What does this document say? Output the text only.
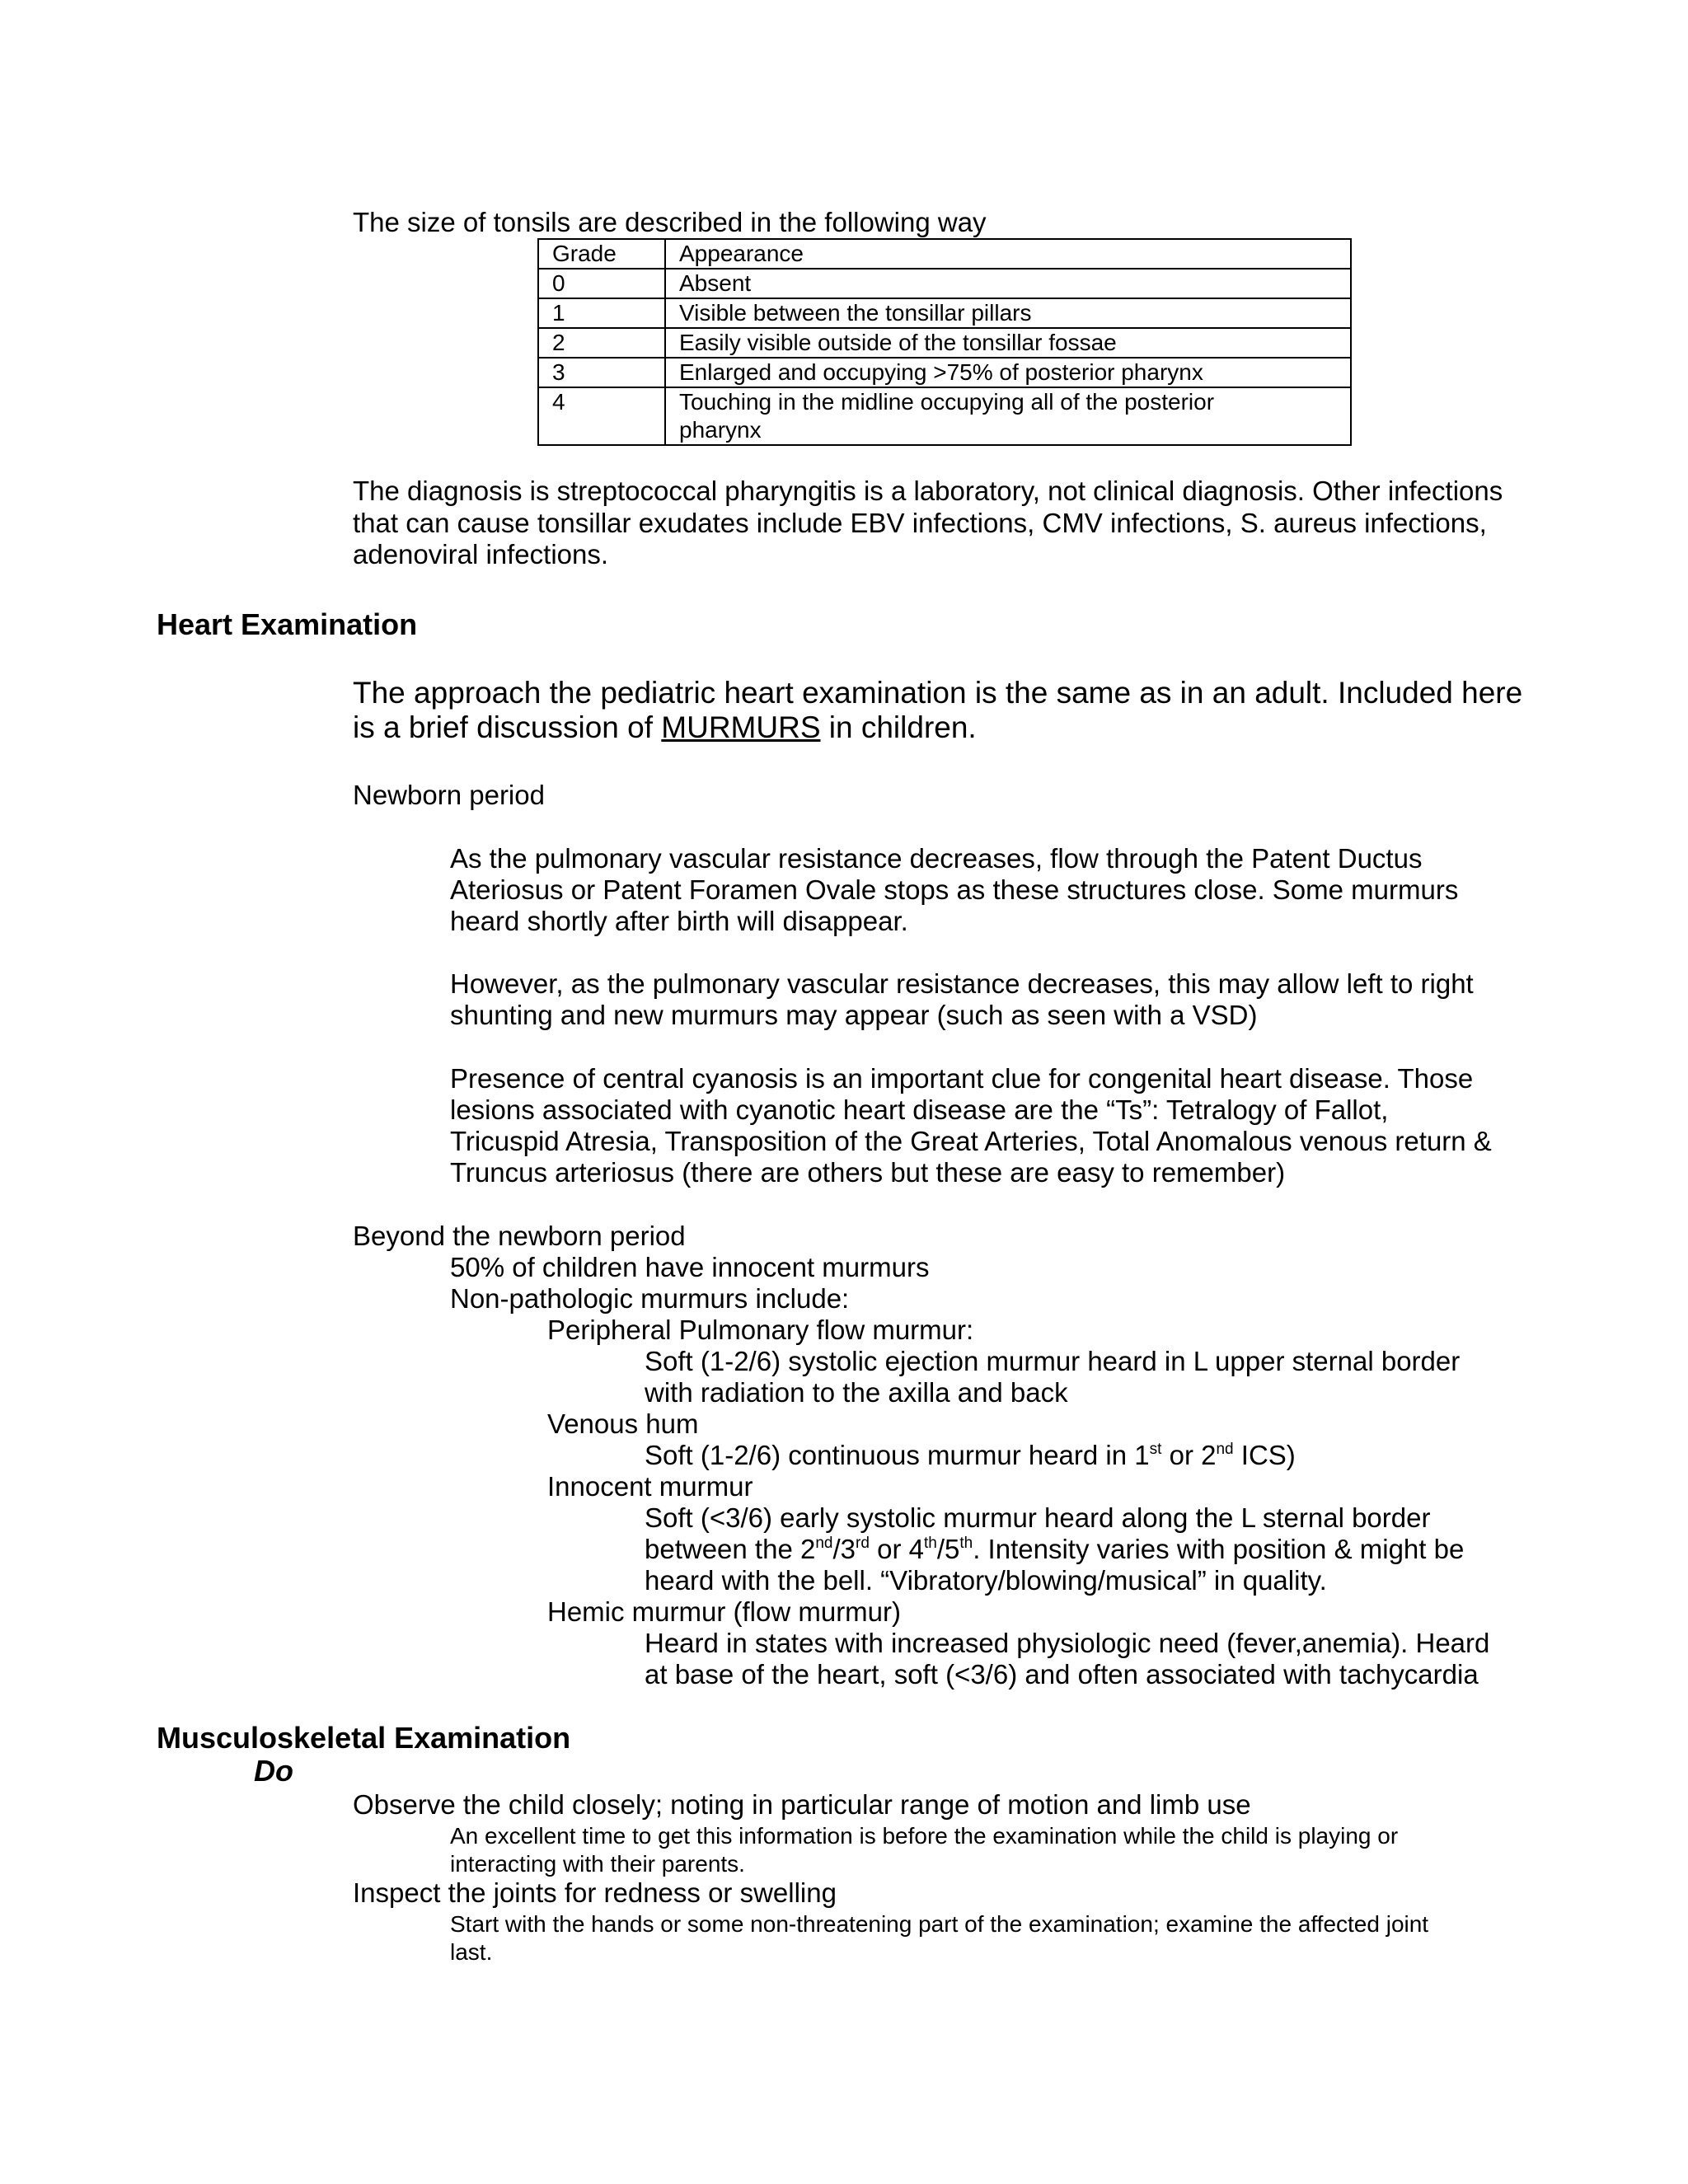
The size of tonsils are described in the following way

Grade	Appearance
0	Absent
1	Visible between the tonsillar pillars
2	Easily visible outside of the tonsillar fossae
3	Enlarged and occupying >75% of posterior pharynx
4	Touching in the midline occupying all of the posterior
pharynx

The diagnosis is streptococcal pharyngitis is a laboratory, not clinical diagnosis. Other infections

that can cause tonsillar exudates include EBV infections, CMV infections, S. aureus infections,

adenoviral infections.

Heart Examination

The approach the pediatric heart examination is the same as in an adult. Included here

is a brief discussion of MURMURS in children.

Newborn period

As the pulmonary vascular resistance decreases, flow through the Patent Ductus

Ateriosus or Patent Foramen Ovale stops as these structures close. Some murmurs

heard shortly after birth will disappear.

However, as the pulmonary vascular resistance decreases, this may allow left to right

shunting and new murmurs may appear (such as seen with a VSD)

Presence of central cyanosis is an important clue for congenital heart disease. Those

lesions associated with cyanotic heart disease are the “Ts”: Tetralogy of Fallot,

Tricuspid Atresia, Transposition of the Great Arteries, Total Anomalous venous return &

Truncus arteriosus (there are others but these are easy to remember)

Beyond the newborn period

50% of children have innocent murmurs

Non-pathologic murmurs include:

Peripheral Pulmonary flow murmur:

Soft (1-2/6) systolic ejection murmur heard in L upper sternal border

with radiation to the axilla and back

Venous hum

Soft (1-2/6) continuous murmur heard in 1st or 2nd ICS)

Innocent murmur

Soft (<3/6) early systolic murmur heard along the L sternal border

between the 2nd/3rd or 4th/5th. Intensity varies with position & might be

heard with the bell. “Vibratory/blowing/musical” in quality.

Hemic murmur (flow murmur)

Heard in states with increased physiologic need (fever,anemia). Heard

at base of the heart, soft (<3/6) and often associated with tachycardia

Musculoskeletal Examination

Do

Observe the child closely; noting in particular range of motion and limb use

An excellent time to get this information is before the examination while the child is playing or

interacting with their parents.

Inspect the joints for redness or swelling

Start with the hands or some non-threatening part of the examination; examine the affected joint

last.
